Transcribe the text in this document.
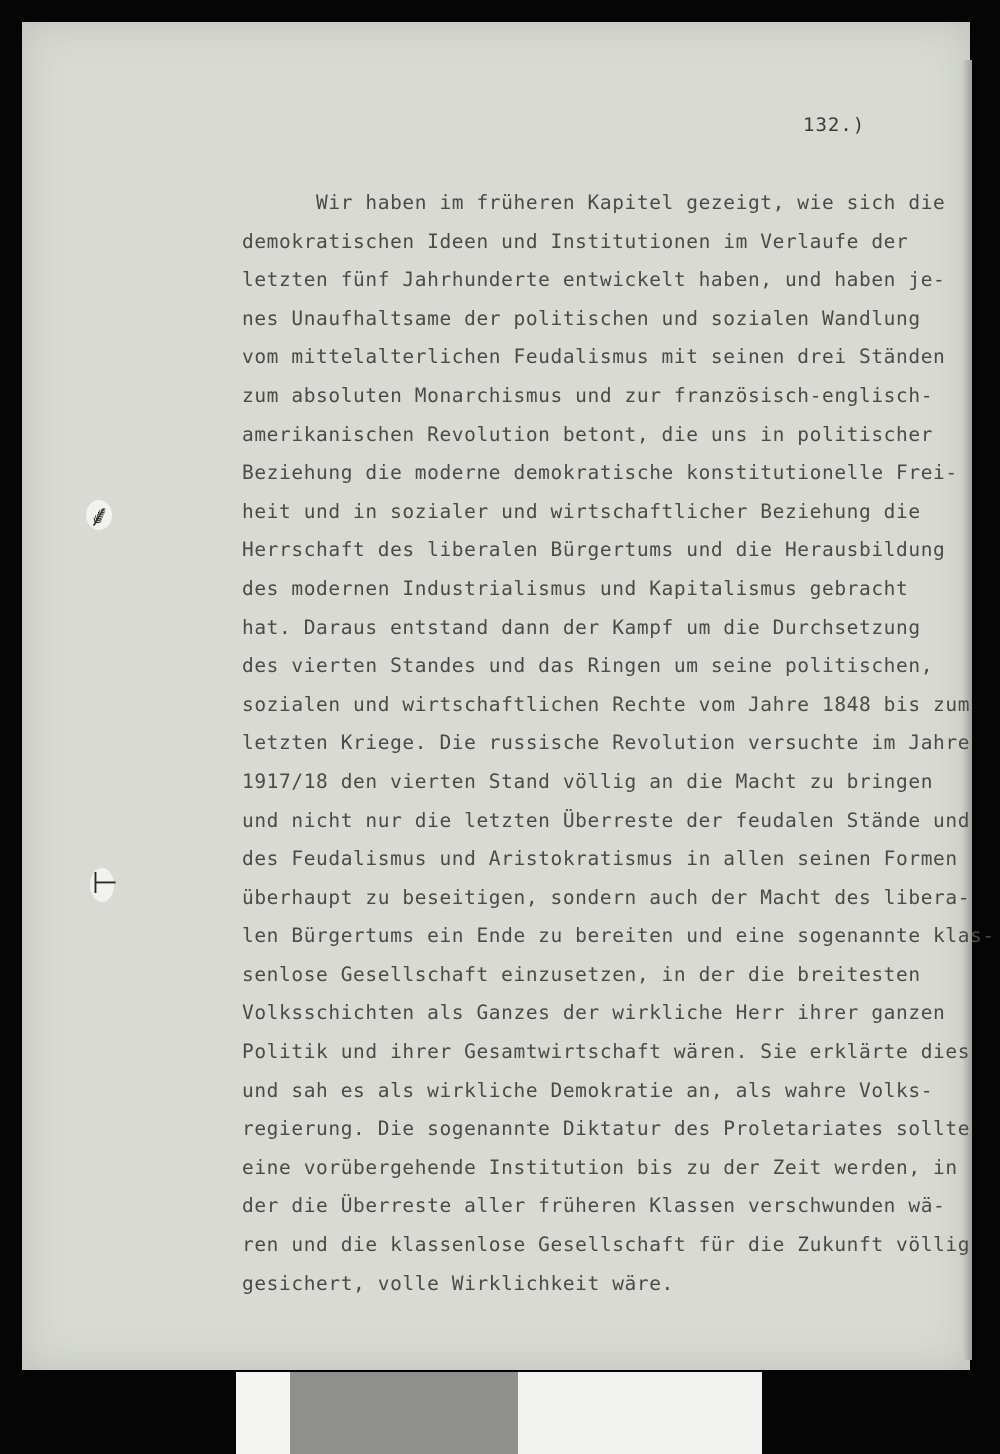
⸙
⊢
132.)
Wir haben im früheren Kapitel gezeigt, wie sich die
demokratischen Ideen und Institutionen im Verlaufe der
letzten fünf Jahrhunderte entwickelt haben, und haben je-
nes Unaufhaltsame der politischen und sozialen Wandlung
vom mittelalterlichen Feudalismus mit seinen drei Ständen
zum absoluten Monarchismus und zur französisch-englisch-
amerikanischen Revolution betont, die uns in politischer
Beziehung die moderne demokratische konstitutionelle Frei-
heit und in sozialer und wirtschaftlicher Beziehung die
Herrschaft des liberalen Bürgertums und die Herausbildung
des modernen Industrialismus und Kapitalismus gebracht
hat. Daraus entstand dann der Kampf um die Durchsetzung
des vierten Standes und das Ringen um seine politischen,
sozialen und wirtschaftlichen Rechte vom Jahre 1848 bis zum
letzten Kriege. Die russische Revolution versuchte im Jahre
1917/18 den vierten Stand völlig an die Macht zu bringen
und nicht nur die letzten Überreste der feudalen Stände und
des Feudalismus und Aristokratismus in allen seinen Formen
überhaupt zu beseitigen, sondern auch der Macht des libera-
len Bürgertums ein Ende zu bereiten und eine sogenannte klas-
senlose Gesellschaft einzusetzen, in der die breitesten
Volksschichten als Ganzes der wirkliche Herr ihrer ganzen
Politik und ihrer Gesamtwirtschaft wären. Sie erklärte dies
und sah es als wirkliche Demokratie an, als wahre Volks-
regierung. Die sogenannte Diktatur des Proletariates sollte
eine vorübergehende Institution bis zu der Zeit werden, in
der die Überreste aller früheren Klassen verschwunden wä-
ren und die klassenlose Gesellschaft für die Zukunft völlig
gesichert, volle Wirklichkeit wäre.
